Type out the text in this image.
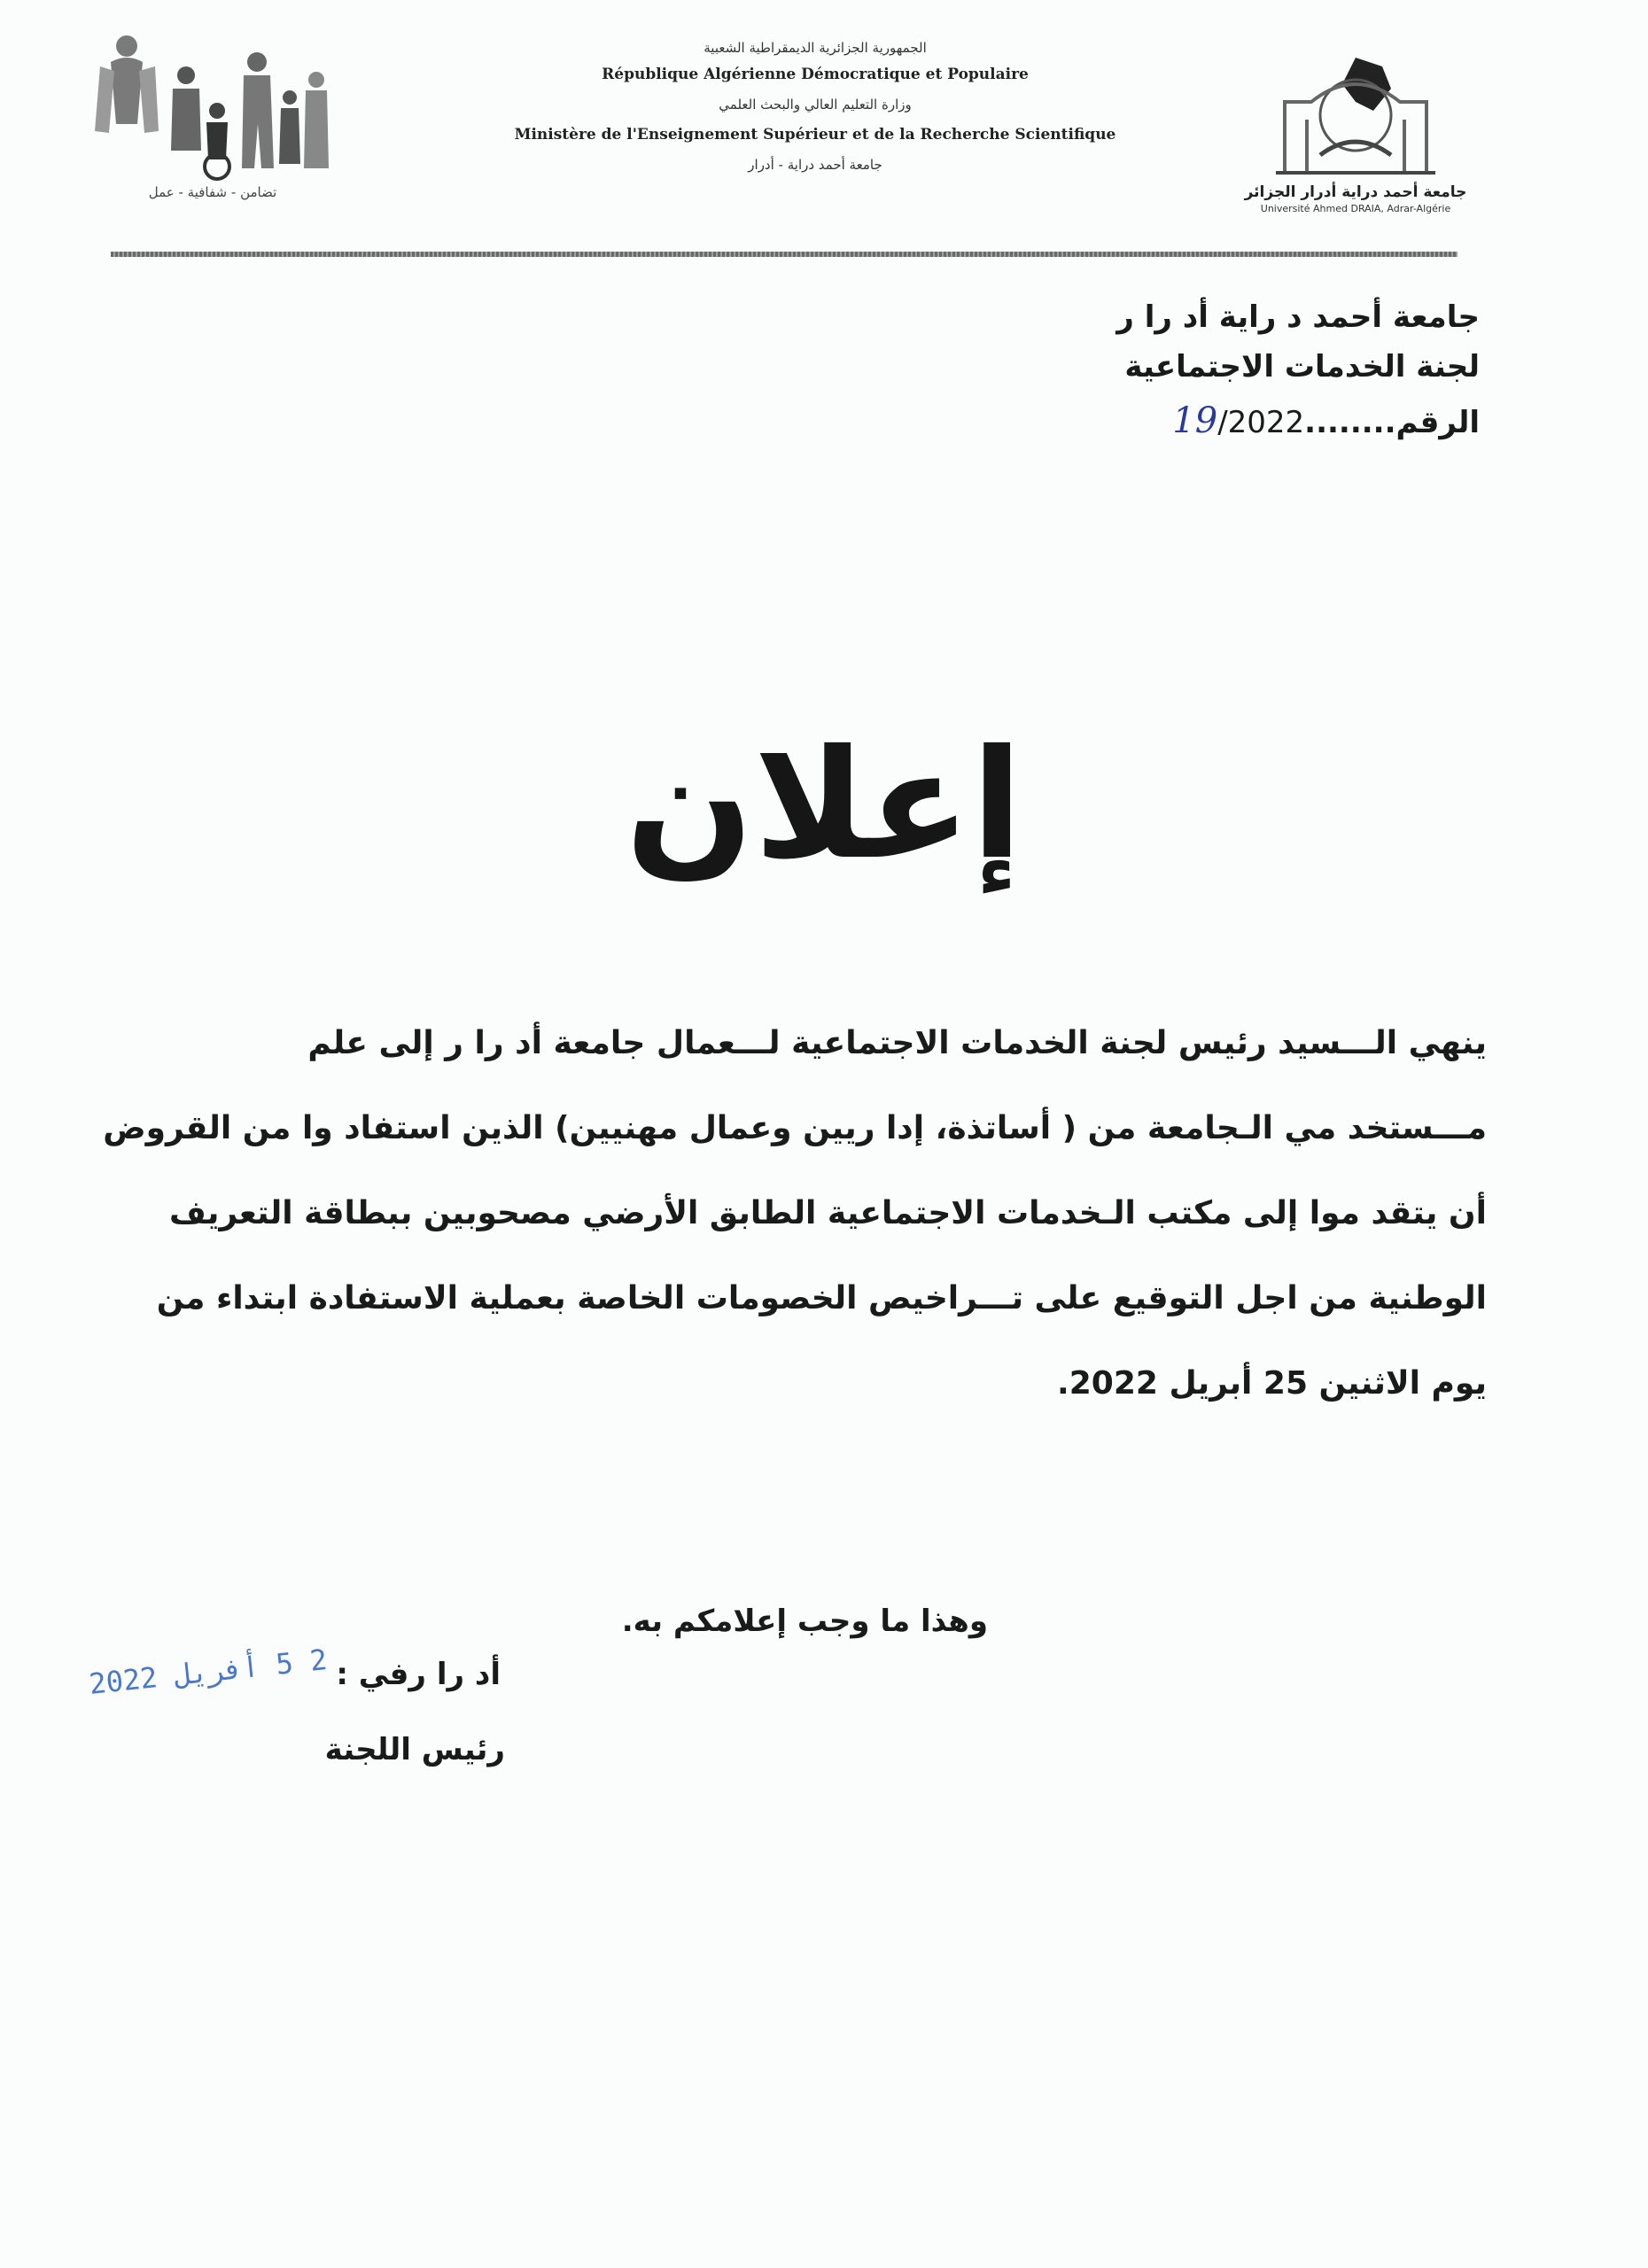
تضامن - شفافية - عمل
الجمهورية الجزائرية الديمقراطية الشعبية
République Algérienne Démocratique et Populaire
وزارة التعليم العالي والبحث العلمي
Ministère de l'Enseignement Supérieur et de la Recherche Scientifique
جامعة أحمد دراية - أدرار
جامعة أحمد دراية أدرار الجزائر
Université Ahmed DRAIA, Adrar-Algérie
جامعة أحمد د راية أد را ر
لجنة الخدمات الاجتماعية
الرقم........19/2022
إعلان

ينهي الـــسيد رئيس لجنة الخدمات الاجتماعية لـــعمال جامعة أد را ر إلى علم

مـــستخد مي الـجامعة من ( أساتذة، إدا ريين وعمال مهنيين) الذين استفاد وا من القروض

أن يتقد موا إلى مكتب الـخدمات الاجتماعية الطابق الأرضي مصحوبين ببطاقة التعريف

الوطنية من اجل التوقيع على تـــراخيص الخصومات الخاصة بعملية الاستفادة ابتداء من

يوم الاثنين 25 أبريل 2022.

وهذا ما وجب إعلامكم به.
أد را رفي :
2 5 أفريل 2022
رئيس اللجنة
